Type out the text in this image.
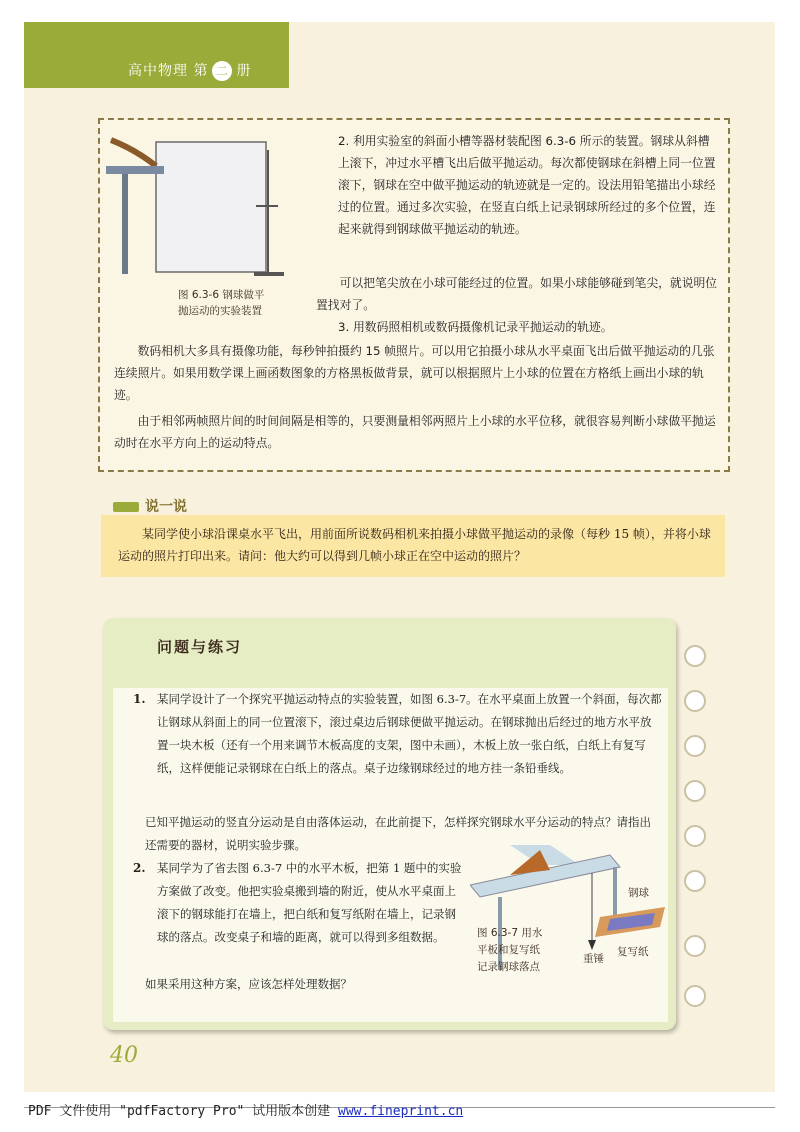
高中物理 第 二 册
图 6.3-6 钢球做平
抛运动的实验装置
2. 利用实验室的斜面小槽等器材装配图 6.3-6 所示的装置。钢球从斜槽上滚下，冲过水平槽飞出后做平抛运动。每次都使钢球在斜槽上同一位置滚下，钢球在空中做平抛运动的轨迹就是一定的。设法用铅笔描出小球经过的位置。通过多次实验，在竖直白纸上记录钢球所经过的多个位置，连起来就得到钢球做平抛运动的轨迹。
可以把笔尖放在小球可能经过的位置。如果小球能够碰到笔尖，就说明位置找对了。
3. 用数码照相机或数码摄像机记录平抛运动的轨迹。
数码相机大多具有摄像功能，每秒钟拍摄约 15 帧照片。可以用它拍摄小球从水平桌面飞出后做平抛运动的几张连续照片。如果用数学课上画函数图象的方格黑板做背景，就可以根据照片上小球的位置在方格纸上画出小球的轨迹。
由于相邻两帧照片间的时间间隔是相等的，只要测量相邻两照片上小球的水平位移，就很容易判断小球做平抛运动时在水平方向上的运动特点。
说一说
某同学使小球沿课桌水平飞出，用前面所说数码相机来拍摄小球做平抛运动的录像（每秒 15 帧），并将小球运动的照片打印出来。请问：他大约可以得到几帧小球正在空中运动的照片？
问题与练习
1. 某同学设计了一个探究平抛运动特点的实验装置，如图 6.3-7。在水平桌面上放置一个斜面，每次都让钢球从斜面上的同一位置滚下，滚过桌边后钢球便做平抛运动。在钢球抛出后经过的地方水平放置一块木板（还有一个用来调节木板高度的支架，图中未画），木板上放一张白纸，白纸上有复写纸，这样便能记录钢球在白纸上的落点。桌子边缘钢球经过的地方挂一条铅垂线。
已知平抛运动的竖直分运动是自由落体运动，在此前提下，怎样探究钢球水平分运动的特点？请指出还需要的器材，说明实验步骤。
2. 某同学为了省去图 6.3-7 中的水平木板，把第 1 题中的实验方案做了改变。他把实验桌搬到墙的附近，使从水平桌面上滚下的钢球能打在墙上，把白纸和复写纸附在墙上，记录钢球的落点。改变桌子和墙的距离，就可以得到多组数据。
如果采用这种方案，应该怎样处理数据？
图 6.3-7 用水
平板和复写纸
记录钢球落点
钢球
复写纸
重锤
40
PDF 文件使用 "pdfFactory Pro" 试用版本创建 www.fineprint.cn
